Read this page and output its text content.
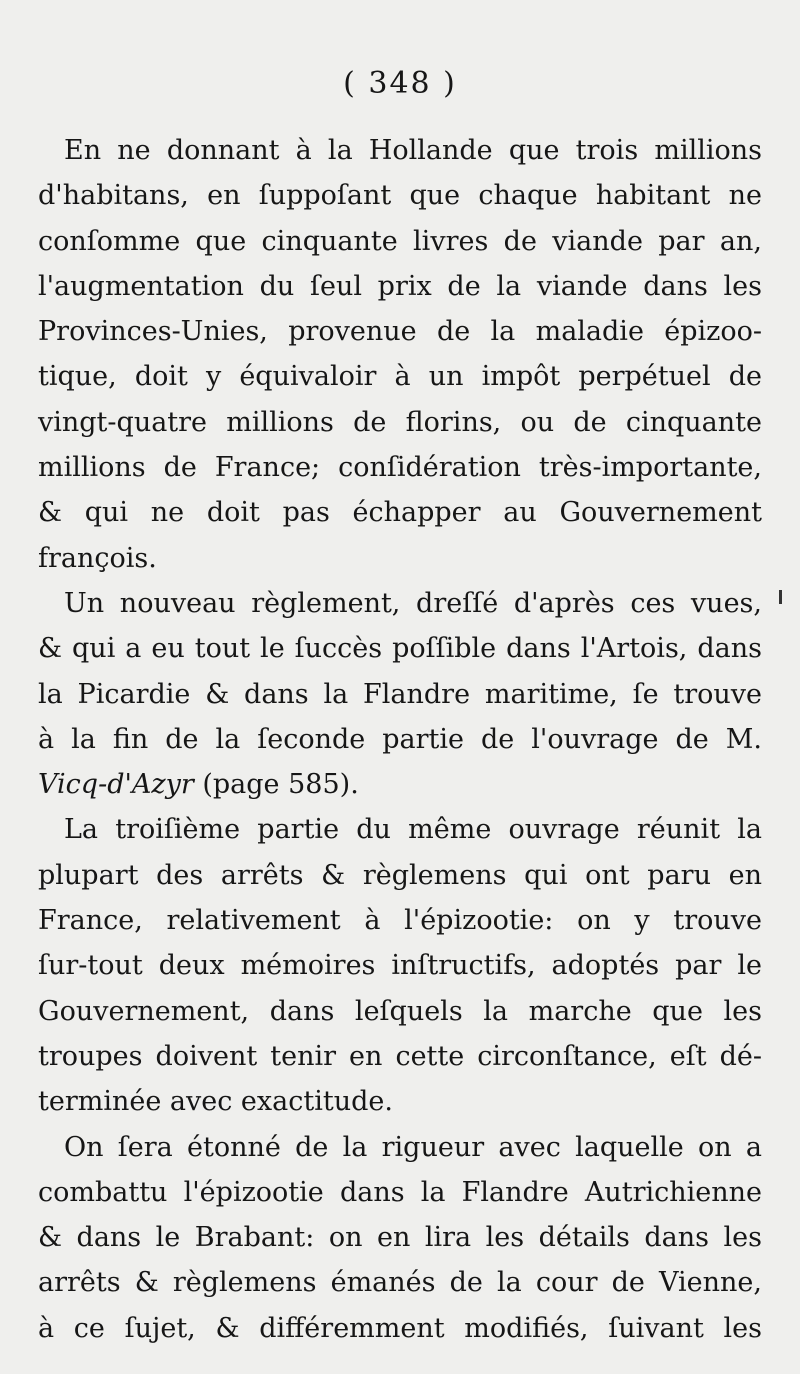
( 348 )
En ne donnant à la Hollande que trois millions
d'habitans, en ſuppoſant que chaque habitant ne
conſomme que cinquante livres de viande par an,
l'augmentation du ſeul prix de la viande dans les
Provinces-Unies, provenue de la maladie épizoo-
tique, doit y équivaloir à un impôt perpétuel de
vingt-quatre millions de florins, ou de cinquante
millions de France; conſidération très-importante,
& qui ne doit pas échapper au Gouvernement
françois.
Un nouveau règlement, dreſſé d'après ces vues,
& qui a eu tout le ſuccès poſſible dans l'Artois, dans
la Picardie & dans la Flandre maritime, ſe trouve
à la fin de la ſeconde partie de l'ouvrage de M.
Vicq-d'Azyr (page 585).
La troiſième partie du même ouvrage réunit la
plupart des arrêts & règlemens qui ont paru en
France, relativement à l'épizootie: on y trouve
ſur-tout deux mémoires inſtructifs, adoptés par le
Gouvernement, dans leſquels la marche que les
troupes doivent tenir en cette circonſtance, eſt dé-
terminée avec exactitude.
On ſera étonné de la rigueur avec laquelle on a
combattu l'épizootie dans la Flandre Autrichienne
& dans le Brabant: on en lira les détails dans les
arrêts & règlemens émanés de la cour de Vienne,
à ce ſujet, & différemment modifiés, ſuivant les
